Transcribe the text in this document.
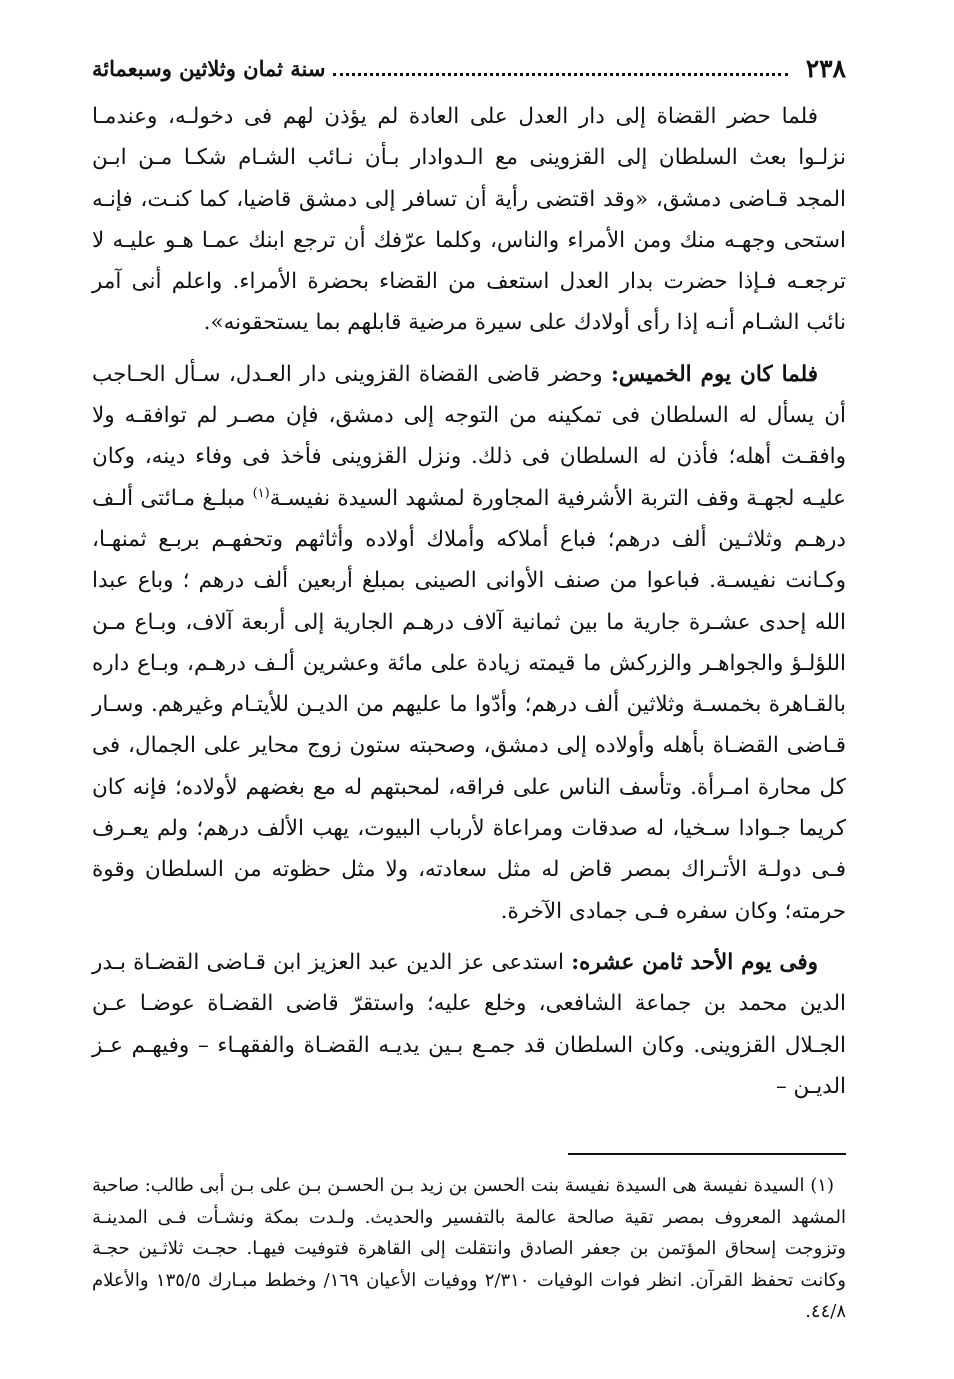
٢٣٨
سنة ثمان وثلاثين وسبعمائة

فلما حضر القضاة إلى دار العدل على العادة لم يؤذن لهم فى دخولـه، وعندمـا نزلـوا بعث السلطان إلى القزوينى مع الـدوادار بـأن نـائب الشـام شكـا مـن ابـن المجد قـاضى دمشق، «وقد اقتضى رأية أن تسافر إلى دمشق قاضيا، كما كنـت، فإنـه استحى وجهـه منك ومن الأمراء والناس، وكلما عرّفك أن ترجع ابنك عمـا هـو عليـه لا ترجعـه فـإذا حضرت بدار العدل استعف من القضاء بحضرة الأمراء. واعلم أنى آمر نائب الشـام أنـه إذا رأى أولادك على سيرة مرضية قابلهم بما يستحقونه».

فلما كان يوم الخميس: وحضر قاضى القضاة القزوينى دار العـدل، سـأل الحـاجب أن يسأل له السلطان فى تمكينه من التوجه إلى دمشق، فإن مصـر لم توافقـه ولا وافقـت أهله؛ فأذن له السلطان فى ذلك. ونزل القزوينى فأخذ فى وفاء دينه، وكان عليـه لجهـة وقف التربة الأشرفية المجاورة لمشهد السيدة نفيسـة$^{(١)}$ مبلـغ مـائتى ألـف درهـم وثلاثـين ألف درهم؛ فباع أملاكه وأملاك أولاده وأثاثهم وتحفهـم بربـع ثمنهـا، وكـانت نفيسـة. فباعوا من صنف الأوانى الصينى بمبلغ أربعين ألف درهم ؛ وباع عبدا الله إحدى عشـرة جارية ما بين ثمانية آلاف درهـم الجارية إلى أربعة آلاف، وبـاع مـن اللؤلـؤ والجواهـر والزركش ما قيمته زيادة على مائة وعشرين ألـف درهـم، وبـاع داره بالقـاهرة بخمسـة وثلاثين ألف درهم؛ وأدّوا ما عليهم من الديـن للأيتـام وغيرهم. وسـار قـاضى القضـاة بأهله وأولاده إلى دمشق، وصحبته ستون زوج محاير على الجمال، فى كل محارة امـرأة. وتأسف الناس على فراقه، لمحبتهم له مع بغضهم لأولاده؛ فإنه كان كريما جـوادا سـخيا، له صدقات ومراعاة لأرباب البيوت، يهب الألف درهم؛ ولم يعـرف فـى دولـة الأتـراك بمصر قاض له مثل سعادته، ولا مثل حظوته من السلطان وقوة حرمته؛ وكان سفره فـى جمادى الآخرة.

وفى يوم الأحد ثامن عشره: استدعى عز الدين عبد العزيز ابن قـاضى القضـاة بـدر الدين محمد بن جماعة الشافعى، وخلع عليه؛ واستقرّ قاضى القضـاة عوضـا عـن الجـلال القزوينى. وكان السلطان قد جمـع بـين يديـه القضـاة والفقهـاء – وفيهـم عـز الديـن –

(١) السيدة نفيسة هى السيدة نفيسة بنت الحسن بن زيد بـن الحسـن بـن على بـن أبى طالب: صاحبة المشهد المعروف بمصر تقية صالحة عالمة بالتفسير والحديث. ولـدت بمكة ونشـأت فـى المدينـة وتزوجت إسحاق المؤتمن بن جعفر الصادق وانتقلت إلى القاهرة فتوفيت فيهـا. حجـت ثلاثـين حجـة وكانت تحفظ القرآن. انظر فوات الوفيات ٢/٣١٠ ووفيات الأعيان ١٦٩/ وخطط مبـارك ١٣٥/٥ والأعلام ٤٤/٨.
